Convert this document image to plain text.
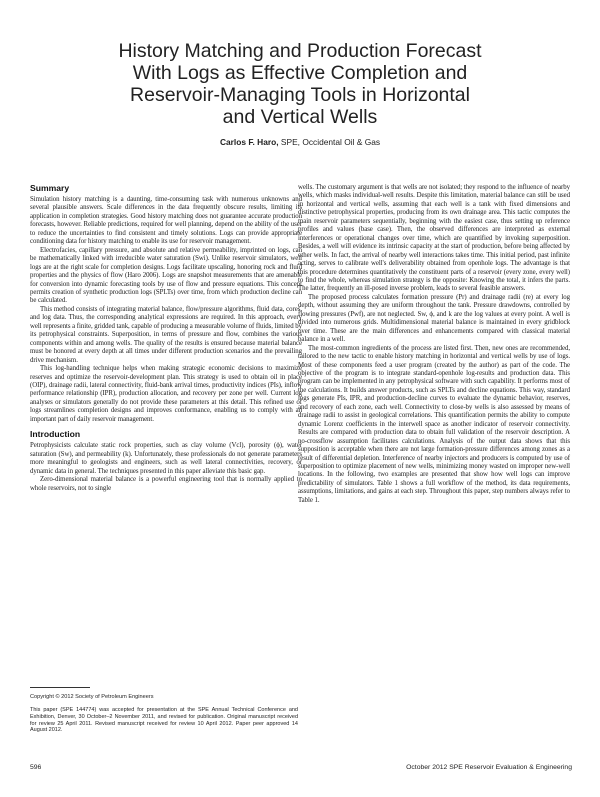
History Matching and Production Forecast
With Logs as Effective Completion and
Reservoir-Managing Tools in Horizontal
and Vertical Wells
Carlos F. Haro, SPE, Occidental Oil & Gas
Summary

Simulation history matching is a daunting, time-consuming task with numerous unknowns and several plausible answers. Scale differences in the data frequently obscure results, limiting its application in completion strategies. Good history matching does not guarantee accurate production forecasts, however. Reliable predictions, required for well planning, depend on the ability of the user to reduce the uncertainties to find consistent and timely solutions. Logs can provide appropriate conditioning data for history matching to enable its use for reservoir management.

Electrofacies, capillary pressure, and absolute and relative permeability, imprinted on logs, can be mathematically linked with irreducible water saturation (Swi). Unlike reservoir simulators, well logs are at the right scale for completion designs. Logs facilitate upscaling, honoring rock and fluid properties and the physics of flow (Haro 2006). Logs are snapshot measurements that are amenable for conversion into dynamic forecasting tools by use of flow and pressure equations. This concept permits creation of synthetic production logs (SPLTs) over time, from which production decline can be calculated.

This method consists of integrating material balance, flow/pressure algorithms, fluid data, cores, and log data. Thus, the corresponding analytical expressions are required. In this approach, every well represents a finite, gridded tank, capable of producing a measurable volume of fluids, limited by its petrophysical constraints. Superposition, in terms of pressure and flow, combines the various components within and among wells. The quality of the results is ensured because material balance must be honored at every depth at all times under different production scenarios and the prevailing drive mechanism.

This log-handling technique helps when making strategic economic decisions to maximize reserves and optimize the reservoir-development plan. This strategy is used to obtain oil in place (OIP), drainage radii, lateral connectivity, fluid-bank arrival times, productivity indices (PIs), inflow performance relationship (IPR), production allocation, and recovery per zone per well. Current log analyses or simulators generally do not provide these parameters at this detail. This refined use of logs streamlines completion designs and improves conformance, enabling us to comply with an important part of daily reservoir management.

Introduction

Petrophysicists calculate static rock properties, such as clay volume (Vcl), porosity (ϕ), water saturation (Sw), and permeability (k). Unfortunately, these professionals do not generate parameters more meaningful to geologists and engineers, such as well lateral connectivities, recovery, or dynamic data in general. The techniques presented in this paper alleviate this basic gap.

Zero-dimensional material balance is a powerful engineering tool that is normally applied to whole reservoirs, not to single

wells. The customary argument is that wells are not isolated; they respond to the influence of nearby wells, which masks individual-well results. Despite this limitation, material balance can still be used in horizontal and vertical wells, assuming that each well is a tank with fixed dimensions and distinctive petrophysical properties, producing from its own drainage area. This tactic computes the main reservoir parameters sequentially, beginning with the easiest case, thus setting up reference profiles and values (base case). Then, the observed differences are interpreted as external interferences or operational changes over time, which are quantified by invoking superposition. Besides, a well will evidence its intrinsic capacity at the start of production, before being affected by other wells. In fact, the arrival of nearby well interactions takes time. This initial period, past infinite acting, serves to calibrate well's deliverability obtained from openhole logs. The advantage is that this procedure determines quantitatively the constituent parts of a reservoir (every zone, every well) to find the whole, whereas simulation strategy is the opposite: Knowing the total, it infers the parts. The latter, frequently an ill-posed inverse problem, leads to several feasible answers.

The proposed process calculates formation pressure (Pr) and drainage radii (re) at every log depth, without assuming they are uniform throughout the tank. Pressure drawdowns, controlled by flowing pressures (Pwf), are not neglected. Sw, ϕ, and k are the log values at every point. A well is divided into numerous grids. Multidimensional material balance is maintained in every gridblock over time. These are the main differences and enhancements compared with classical material balance in a well.

The most-common ingredients of the process are listed first. Then, new ones are recommended, tailored to the new tactic to enable history matching in horizontal and vertical wells by use of logs. Most of these components feed a user program (created by the author) as part of the code. The objective of the program is to integrate standard-openhole log-results and production data. This program can be implemented in any petrophysical software with such capability. It performs most of the calculations. It builds answer products, such as SPLTs and decline equations. This way, standard logs generate PIs, IPR, and production-decline curves to evaluate the dynamic behavior, reserves, and recovery of each zone, each well. Connectivity to close-by wells is also assessed by means of drainage radii to assist in geological correlations. This quantification permits the ability to compute dynamic Lorenz coefficients in the interwell space as another indicator of reservoir connectivity. Results are compared with production data to obtain full validation of the reservoir description. A no-crossflow assumption facilitates calculations. Analysis of the output data shows that this supposition is acceptable when there are not large formation-pressure differences among zones as a result of differential depletion. Interference of nearby injectors and producers is computed by use of superposition to optimize placement of new wells, minimizing money wasted on improper new-well locations. In the following, two examples are presented that show how well logs can improve predictability of simulators. Table 1 shows a full workflow of the method, its data requirements, assumptions, limitations, and gains at each step. Throughout this paper, step numbers always refer to Table 1.

Copyright © 2012 Society of Petroleum Engineers
This paper (SPE 144774) was accepted for presentation at the SPE Annual Technical Conference and Exhibition, Denver, 30 October–2 November 2011, and revised for publication. Original manuscript received for review 25 April 2011. Revised manuscript received for review 10 April 2012. Paper peer approved 14 August 2012.
596	October 2012 SPE Reservoir Evaluation & Engineering
